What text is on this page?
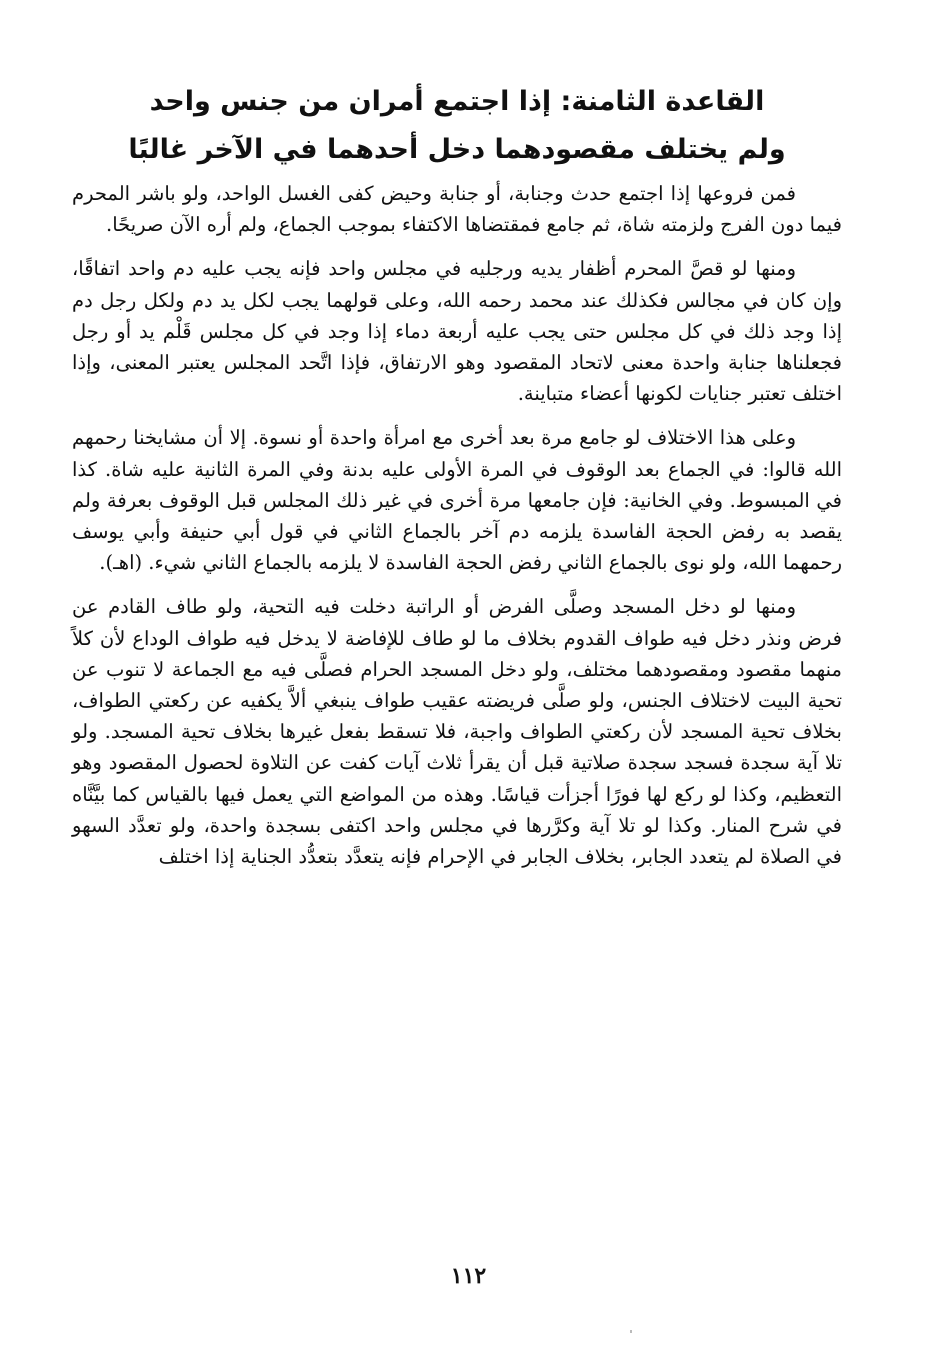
القاعدة الثامنة: إذا اجتمع أمران من جنس واحد
ولم يختلف مقصودهما دخل أحدهما في الآخر غالبًا

فمن فروعها إذا اجتمع حدث وجنابة، أو جنابة وحيض كفى الغسل الواحد، ولو باشر المحرم فيما دون الفرج ولزمته شاة، ثم جامع فمقتضاها الاكتفاء بموجب الجماع، ولم أره الآن صريحًا.

ومنها لو قصَّ المحرم أظفار يديه ورجليه في مجلس واحد فإنه يجب عليه دم واحد اتفاقًا، وإن كان في مجالس فكذلك عند محمد رحمه الله، وعلى قولهما يجب لكل يد دم ولكل رجل دم إذا وجد ذلك في كل مجلس حتى يجب عليه أربعة دماء إذا وجد في كل مجلس قَلْم يد أو رجل فجعلناها جنابة واحدة معنى لاتحاد المقصود وهو الارتفاق، فإذا اتَّحد المجلس يعتبر المعنى، وإذا اختلف تعتبر جنايات لكونها أعضاء متباينة.

وعلى هذا الاختلاف لو جامع مرة بعد أخرى مع امرأة واحدة أو نسوة. إلا أن مشايخنا رحمهم الله قالوا: في الجماع بعد الوقوف في المرة الأولى عليه بدنة وفي المرة الثانية عليه شاة. كذا في المبسوط. وفي الخانية: فإن جامعها مرة أخرى في غير ذلك المجلس قبل الوقوف بعرفة ولم يقصد به رفض الحجة الفاسدة يلزمه دم آخر بالجماع الثاني في قول أبي حنيفة وأبي يوسف رحمهما الله، ولو نوى بالجماع الثاني رفض الحجة الفاسدة لا يلزمه بالجماع الثاني شيء. (اهـ).

ومنها لو دخل المسجد وصلَّى الفرض أو الراتبة دخلت فيه التحية، ولو طاف القادم عن فرض ونذر دخل فيه طواف القدوم بخلاف ما لو طاف للإفاضة لا يدخل فيه طواف الوداع لأن كلاً منهما مقصود ومقصودهما مختلف، ولو دخل المسجد الحرام فصلَّى فيه مع الجماعة لا تنوب عن تحية البيت لاختلاف الجنس، ولو صلَّى فريضته عقيب طواف ينبغي ألاَّ يكفيه عن ركعتي الطواف، بخلاف تحية المسجد لأن ركعتي الطواف واجبة، فلا تسقط بفعل غيرها بخلاف تحية المسجد. ولو تلا آية سجدة فسجد سجدة صلاتية قبل أن يقرأ ثلاث آيات كفت عن التلاوة لحصول المقصود وهو التعظيم، وكذا لو ركع لها فورًا أجزأت قياسًا. وهذه من المواضع التي يعمل فيها بالقياس كما بيَّنَّاه في شرح المنار. وكذا لو تلا آية وكرَّرها في مجلس واحد اكتفى بسجدة واحدة، ولو تعدَّد السهو في الصلاة لم يتعدد الجابر، بخلاف الجابر في الإحرام فإنه يتعدَّد بتعدُّد الجناية إذا اختلف

١١٢
